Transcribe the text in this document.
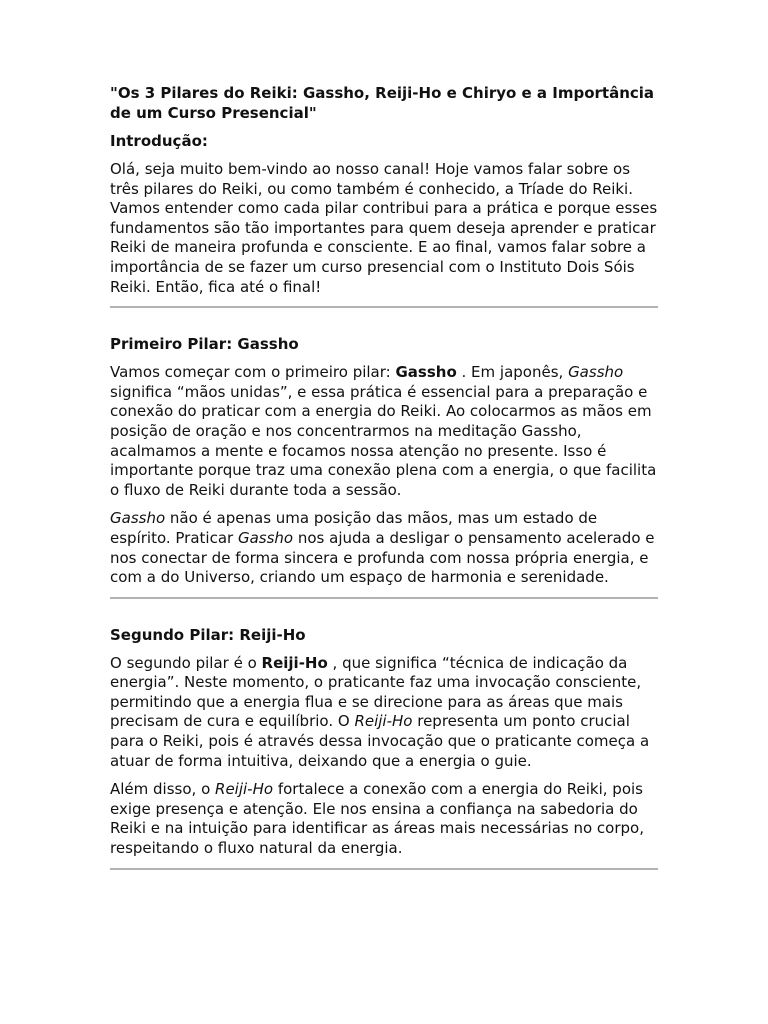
"Os 3 Pilares do Reiki: Gassho, Reiji-Ho e Chiryo e a Importância de um Curso Presencial"
Introdução:

Olá, seja muito bem-vindo ao nosso canal! Hoje vamos falar sobre os três pilares do Reiki, ou como também é conhecido, a Tríade do Reiki. Vamos entender como cada pilar contribui para a prática e porque esses fundamentos são tão importantes para quem deseja aprender e praticar Reiki de maneira profunda e consciente. E ao final, vamos falar sobre a importância de se fazer um curso presencial com o Instituto Dois Sóis Reiki. Então, fica até o final!

Primeiro Pilar: Gassho

Vamos começar com o primeiro pilar: Gassho . Em japonês, Gassho significa “mãos unidas”, e essa prática é essencial para a preparação e conexão do praticar com a energia do Reiki. Ao colocarmos as mãos em posição de oração e nos concentrarmos na meditação Gassho, acalmamos a mente e focamos nossa atenção no presente. Isso é importante porque traz uma conexão plena com a energia, o que facilita o fluxo de Reiki durante toda a sessão.

Gassho não é apenas uma posição das mãos, mas um estado de espírito. Praticar Gassho nos ajuda a desligar o pensamento acelerado e nos conectar de forma sincera e profunda com nossa própria energia, e com a do Universo, criando um espaço de harmonia e serenidade.

Segundo Pilar: Reiji-Ho

O segundo pilar é o Reiji-Ho , que significa “técnica de indicação da energia”. Neste momento, o praticante faz uma invocação consciente, permitindo que a energia flua e se direcione para as áreas que mais precisam de cura e equilíbrio. O Reiji-Ho representa um ponto crucial para o Reiki, pois é através dessa invocação que o praticante começa a atuar de forma intuitiva, deixando que a energia o guie.

Além disso, o Reiji-Ho fortalece a conexão com a energia do Reiki, pois exige presença e atenção. Ele nos ensina a confiança na sabedoria do Reiki e na intuição para identificar as áreas mais necessárias no corpo, respeitando o fluxo natural da energia.
